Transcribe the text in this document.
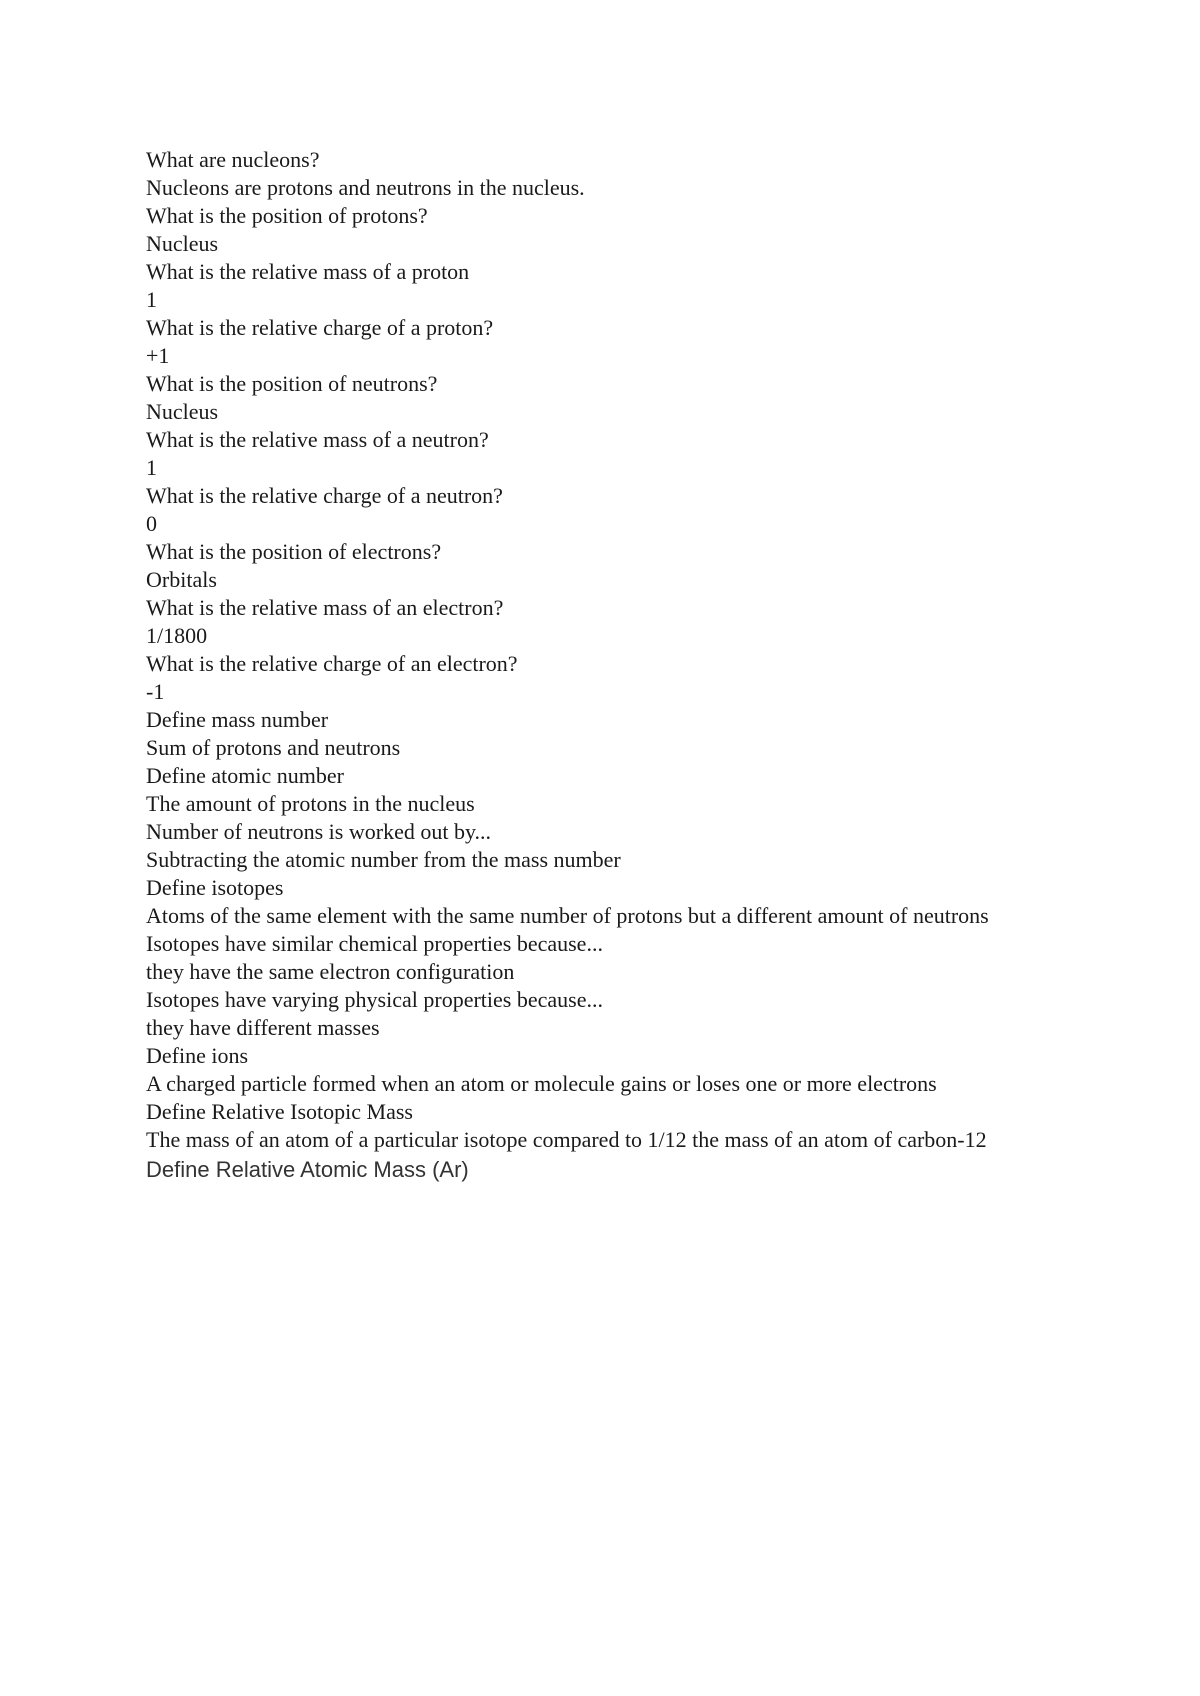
What are nucleons?

Nucleons are protons and neutrons in the nucleus.

What is the position of protons?

Nucleus

What is the relative mass of a proton

1

What is the relative charge of a proton?

+1

What is the position of neutrons?

Nucleus

What is the relative mass of a neutron?

1

What is the relative charge of a neutron?

0

What is the position of electrons?

Orbitals

What is the relative mass of an electron?

1/1800

What is the relative charge of an electron?

-1

Define mass number

Sum of protons and neutrons

Define atomic number

The amount of protons in the nucleus

Number of neutrons is worked out by...

Subtracting the atomic number from the mass number

Define isotopes

Atoms of the same element with the same number of protons but a different amount of neutrons

Isotopes have similar chemical properties because...

they have the same electron configuration

Isotopes have varying physical properties because...

they have different masses

Define ions

A charged particle formed when an atom or molecule gains or loses one or more electrons

Define Relative Isotopic Mass

The mass of an atom of a particular isotope compared to 1/12 the mass of an atom of carbon-12

Define Relative Atomic Mass (Ar)
